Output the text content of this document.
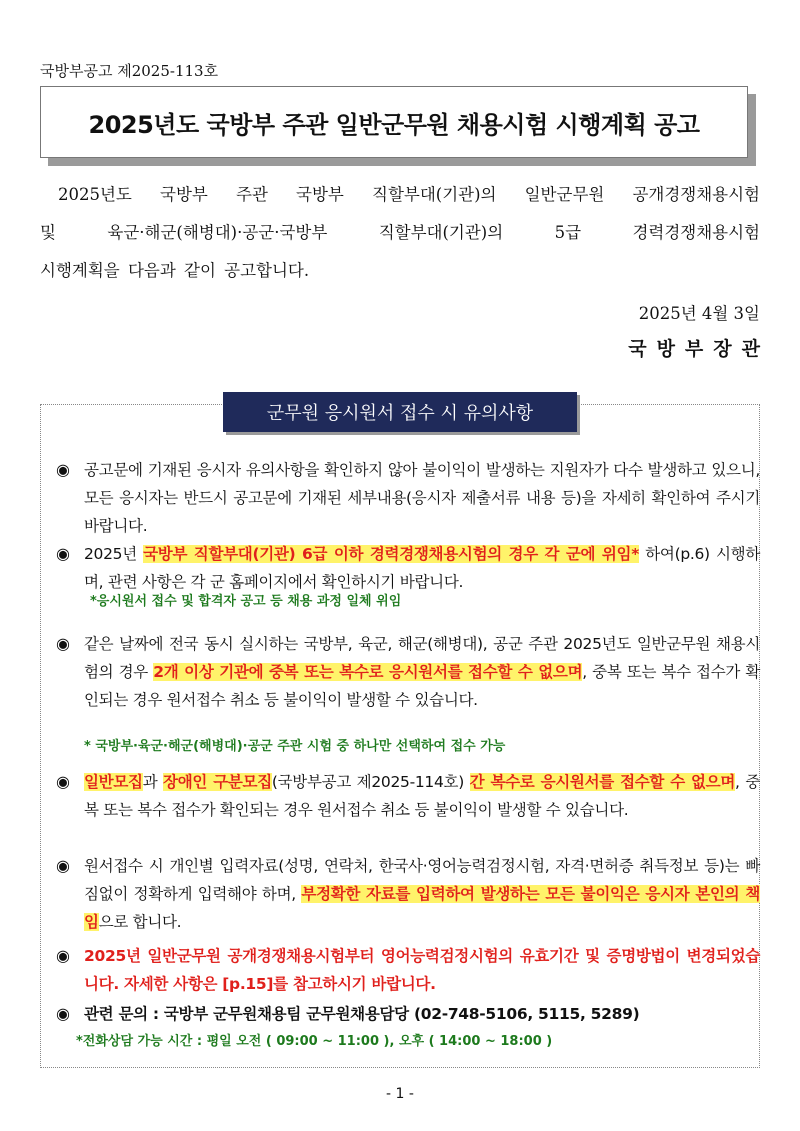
국방부공고 제2025-113호
2025년도 국방부 주관 일반군무원 채용시험 시행계획 공고
2025년도 국방부 주관 국방부 직할부대(기관)의 일반군무원 공개경쟁채용시험
및 육군·해군(해병대)·공군·국방부 직할부대(기관)의 5급 경력경쟁채용시험
시행계획을 다음과 같이 공고합니다.
2025년 4월 3일
국방부장관
군무원 응시원서 접수 시 유의사항
◉ 공고문에 기재된 응시자 유의사항을 확인하지 않아 불이익이 발생하는 지원자가 다수 발생하고 있으니, 모든 응시자는 반드시 공고문에 기재된 세부내용(응시자 제출서류 내용 등)을 자세히 확인하여 주시기 바랍니다.
◉ 2025년 국방부 직할부대(기관) 6급 이하 경력경쟁채용시험의 경우 각 군에 위임* 하여(p.6) 시행하며, 관련 사항은 각 군 홈페이지에서 확인하시기 바랍니다.
*응시원서 접수 및 합격자 공고 등 채용 과정 일체 위임
◉ 같은 날짜에 전국 동시 실시하는 국방부, 육군, 해군(해병대), 공군 주관 2025년도 일반군무원 채용시험의 경우 2개 이상 기관에 중복 또는 복수로 응시원서를 접수할 수 없으며, 중복 또는 복수 접수가 확인되는 경우 원서접수 취소 등 불이익이 발생할 수 있습니다.
* 국방부·육군·해군(해병대)·공군 주관 시험 중 하나만 선택하여 접수 가능
◉ 일반모집과 장애인 구분모집(국방부공고 제2025-114호) 간 복수로 응시원서를 접수할 수 없으며, 중복 또는 복수 접수가 확인되는 경우 원서접수 취소 등 불이익이 발생할 수 있습니다.
◉ 원서접수 시 개인별 입력자료(성명, 연락처, 한국사·영어능력검정시험, 자격·면허증 취득정보 등)는 빠짐없이 정확하게 입력해야 하며, 부정확한 자료를 입력하여 발생하는 모든 불이익은 응시자 본인의 책임으로 합니다.
◉ 2025년 일반군무원 공개경쟁채용시험부터 영어능력검정시험의 유효기간 및 증명방법이 변경되었습니다. 자세한 사항은 [p.15]를 참고하시기 바랍니다.
◉ 관련 문의 : 국방부 군무원채용팀 군무원채용담당 (02-748-5106, 5115, 5289)
*전화상담 가능 시간 : 평일 오전 ( 09:00 ~ 11:00 ), 오후 ( 14:00 ~ 18:00 )
- 1 -
